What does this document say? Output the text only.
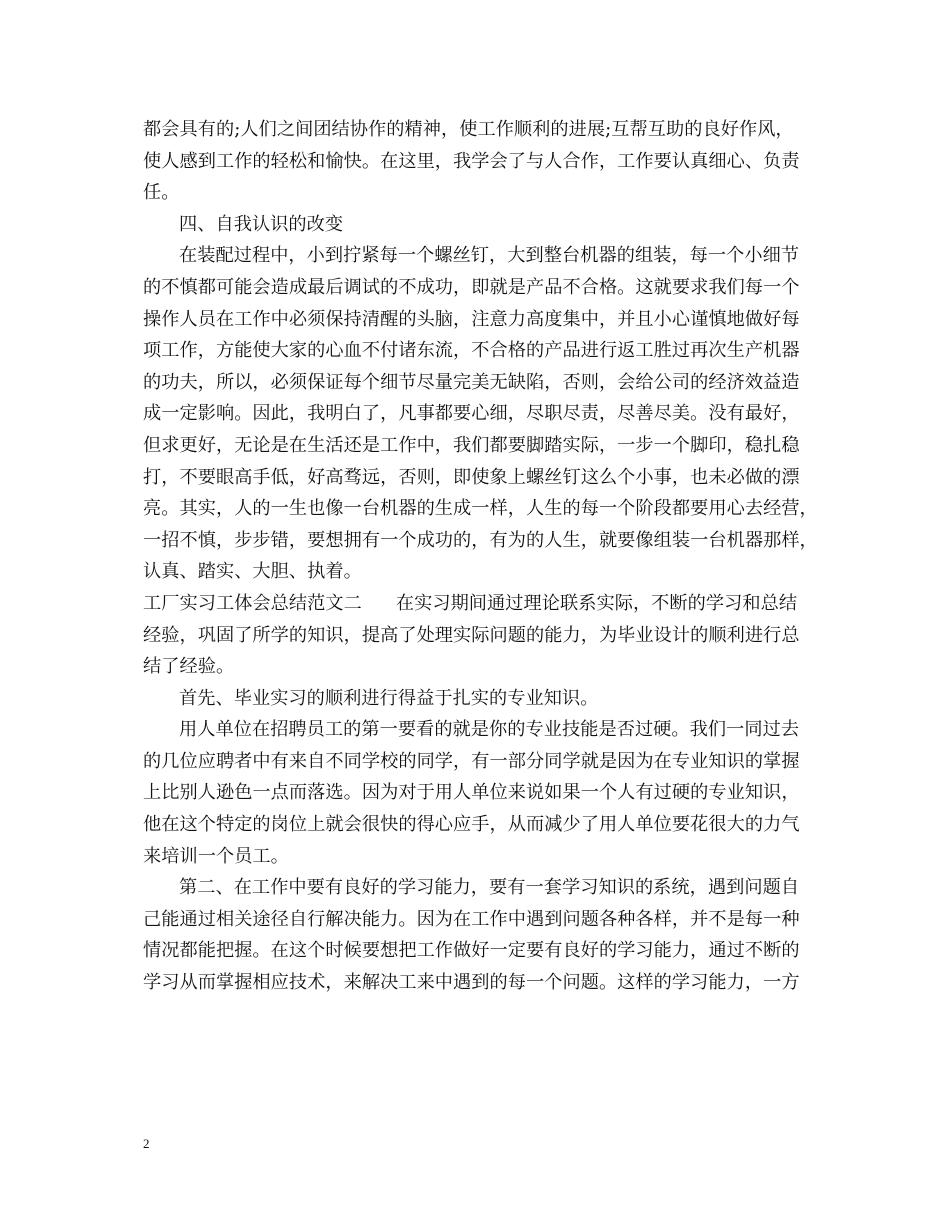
都会具有的;人们之间团结协作的精神，使工作顺利的进展;互帮互助的良好作风，
使人感到工作的轻松和愉快。在这里，我学会了与人合作，工作要认真细心、负责
任。
四、自我认识的改变
在装配过程中，小到拧紧每一个螺丝钉，大到整台机器的组装，每一个小细节
的不慎都可能会造成最后调试的不成功，即就是产品不合格。这就要求我们每一个
操作人员在工作中必须保持清醒的头脑，注意力高度集中，并且小心谨慎地做好每
项工作，方能使大家的心血不付诸东流，不合格的产品进行返工胜过再次生产机器
的功夫，所以，必须保证每个细节尽量完美无缺陷，否则，会给公司的经济效益造
成一定影响。因此，我明白了，凡事都要心细，尽职尽责，尽善尽美。没有最好，
但求更好，无论是在生活还是工作中，我们都要脚踏实际，一步一个脚印，稳扎稳
打，不要眼高手低，好高骛远，否则，即使象上螺丝钉这么个小事，也未必做的漂
亮。其实，人的一生也像一台机器的生成一样，人生的每一个阶段都要用心去经营，
一招不慎，步步错，要想拥有一个成功的，有为的人生，就要像组装一台机器那样，
认真、踏实、大胆、执着。
工厂实习工体会总结范文二 在实习期间通过理论联系实际，不断的学习和总结
经验，巩固了所学的知识，提高了处理实际问题的能力，为毕业设计的顺利进行总
结了经验。
首先、毕业实习的顺利进行得益于扎实的专业知识。
用人单位在招聘员工的第一要看的就是你的专业技能是否过硬。我们一同过去
的几位应聘者中有来自不同学校的同学，有一部分同学就是因为在专业知识的掌握
上比别人逊色一点而落选。因为对于用人单位来说如果一个人有过硬的专业知识，
他在这个特定的岗位上就会很快的得心应手，从而减少了用人单位要花很大的力气
来培训一个员工。
第二、在工作中要有良好的学习能力，要有一套学习知识的系统，遇到问题自
己能通过相关途径自行解决能力。因为在工作中遇到问题各种各样，并不是每一种
情况都能把握。在这个时候要想把工作做好一定要有良好的学习能力，通过不断的
学习从而掌握相应技术，来解决工来中遇到的每一个问题。这样的学习能力，一方
2
